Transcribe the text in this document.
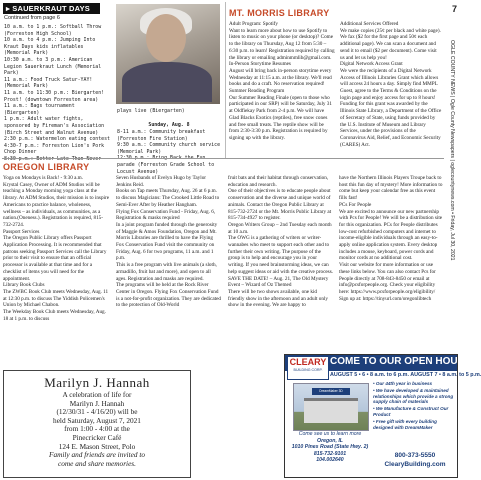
7
OGLE COUNTY NEWS | Ogle County Newspapers | oglecountynews.com • Friday, Jul 30, 2021
▸ SAUERKRAUT DAYS
Continued from page 6
10 a.m. to 1 p.m.: Softball Throw (Forreston High School)
10 a.m. to 4 p.m.: Jumping Into Kraut Days kids inflatables (Memorial Park)
10:30 a.m. to 3 p.m.: American Legion Sauerkraut Lunch (Memorial Park)
11 a.m.: Food Truck Satur-YAY! (Memorial Park)
11 a.m. to 11:30 p.m.: Biergarten! Prost! (downtown Forreston area)
11 a.m.: Bags tournament (Biergarten)
1 p.m.: Adult water fights, sponsored by Fireman's Association (Birch Street and Walnut Avenue)
2:30 p.m.: Watermelon eating contest
4:30-7 p.m.: Forreston Lion's Pork Chop Dinner

plays live (Biergarten)
Sunday, Aug. 8
8-11 a.m.: Community breakfast (Forreston Fire Station)
9:30 a.m.: Community church service (Memorial Park)
parade (Forreston Grade School to Locust Avenue)
MT. MORRIS LIBRARY
Adult Program: Spotify
Want to learn more about how to use Spotify to listen to music on your phone (or desktop)? Come to the library on Thursday, Aug 12 from 5:30 – 6:30 p.m. to learn! Registration required by calling the library or emailing adminmmlib@gmail.com.
In-Person Storytime Resumes
August will bring back in-person storytime every Wednesday at 11:15 a.m. at the library. We'll read books and do a craft. No reservation required!
Summer Reading Program
Our Summer Reading Finale (open to those who participated in our SRP) will be Saturday, July 31 at Oldfiekay Park from 2-4 p.m. We will have Glad Blacks Exotics (reptiles), free snow cones and free small treats. The reptile show will be from 2:30-3:30 p.m. Registration is required by signing up with the library.
Additional Services Offered
We make copies (25¢ per black and white page). We fax ($2 for the first page and 50¢ each additional page). We can scan a document and send it to email ($2 per document). Come visit us and let us help you!
Digital Network Access Grant
We were the recipients of a Digital Network Access of Illinois Libraries Grant which allows will access 24 hours a day. Simply find MMPL Guest, agree to the Terms & Conditions on the login page and enjoy access for up to 8 hours! Funding for this grant was awarded by the Illinois State Library, a Department of the Office of Secretary of State, using funds provided by the U.S. Institute of Museum and Library Services, under the provisions of the Coronavirus Aid, Relief, and Economic Security (CARES) Act.
OREGON LIBRARY
Yoga on Mondays is Back! - 9:30 a.m.
Krystal Casey, Owner of ADM Studios will be teaching a Monday morning yoga class at the library. At ADM Studios, their mission is to inspire Americans to practice balance, wholeness, wellness – as individuals, as communities, as a nation.(Oneness.). Registration is required, 815-732-2724.
Passport Services
The Oregon Public Library offers Passport Application Processing. It is recommended that patrons seeking Passport Services call the Library prior to their visit to ensure that an official processor is available at that time and for a checklist of items you will need for the appointment.
Library Book Clubs
The ZWBC Book Club meets Wednesday, Aug. 11 at 12:30 p.m. to discuss The Yiddish Policemen's Union by Michael Chabon.
The Weekday Book Club meets Wednesday, Aug. 18 at 1 p.m. to discuss
Seven Husbands of Evelyn Hugo by Taylor Jenkins Reid.
Books on Tap meets Thursday, Aug. 26 at 6 p.m. to discuss Magicians: The Crooked Little Road to Semi-Ever After by Heather Hangham.
Flying Fox Conservation Fund - Friday, Aug. 6, Registration & masks required
In a joint program funded through the generosity of Maggie & Amos Foundation, Oregon and Mt. Morris Libraries are thrilled to have the Flying Fox Conservation Fund visit the community on Friday, Aug. 6 for two programs, 11 a.m. and 1 p.m.
This is a free program with live animals (a sloth, armadillo, fruit bat and more), and open to all ages. Registration and masks are required.
The programs will be held at the Rock River Center in Oregon. Flying Fox Conservation Fund is a not-for-profit organization. They are dedicated to the protection of Old-World
fruit bats and their habitat through conservation, education and research.
One of their objectives is to educate people about conservation and the diverse and unique world of animals. Contact the Oregon Public Library at 815-732-2724 or the Mt. Morris Public Library at 815-734-4927 to register.
Oregon Writers Group – 2nd Tuesday each month at 10 a.m.
The OWG is a gathering of writers or writer-wannabes who meet to support each other and to further their own writing. The purpose of the group is to help and encourage you in your writing. If you need brainstorming ideas, we can help suggest ideas or aid with the creative process.
SAVE THE DATE! – Aug. 21, The Old Mystery Event – Wizard of Oz Themed
There will be two shows available, one kid friendly show in the afternoon and an adult only show in the evening. We are happy to
have the Northern Illinois Players Troupe back to host this fun day of mystery! More information to come but keep your calendar free as this event fills fast!
PCs For People
We are excited to announce our new partnership with Pcs for People! We will be a distribution site for this organization. PCs for People distributes low-cost refurbished computers and internet to income-eligible individuals through an easy-to-apply online application system. Every desktop includes a mouse, keyboard, power cords and monitor cords at no additional cost.
Visit our website for more information or use these links below. You can also contact Pcs for People directly at 708-843-8450 or email at info@pcsforpeople.org. Check your eligibility here: https://www.pcsforpeople.org/eligibility/ Sign up at: https://tinyurl.com/oregonlibtech
Marilyn J. Hannah
A celebration of life for
Marilyn J. Hannah
(12/30/31 - 4/16/20) will be
held Saturday, August 7, 2021
from 1:00 - 4:00 at the
Pinecricker Café
124 E. Mason Street, Polo
Family and friends are invited to
come and share memories.
COME TO OUR OPEN HOUSE
CLEARY
BUILDING CORP.
AUGUST 5 • 6 • 8 a.m. to 6 p.m. AUGUST 7 • 8 a.m. to 5 p.m.
DreamMaker 3D
• Our 44th year in business
• We have developed & maintained relationships which provide a strong supply chain of materials
• We Manufacture & Construct Our Product
• Free gift with every building designed with DreamMaker
Come see us to learn more
Oregon, IL
1010 Pines Road (State Hwy. 2)
815-732-9101
104.002640
800-373-5550
ClearyBuilding.com
